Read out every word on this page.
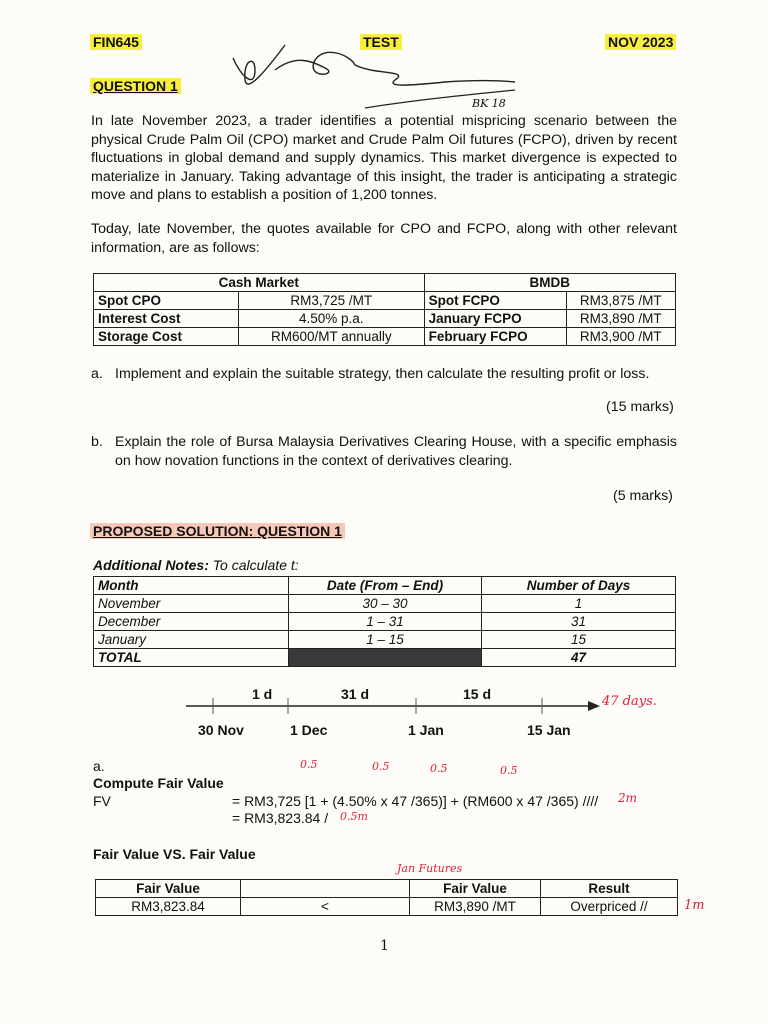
FIN645	TEST	NOV 2023
BK 18
QUESTION 1

In late November 2023, a trader identifies a potential mispricing scenario between the physical Crude Palm Oil (CPO) market and Crude Palm Oil futures (FCPO), driven by recent fluctuations in global demand and supply dynamics. This market divergence is expected to materialize in January. Taking advantage of this insight, the trader is anticipating a strategic move and plans to establish a position of 1,200 tonnes.

Today, late November, the quotes available for CPO and FCPO, along with other relevant information, are as follows:

Cash Market		BMDB	
Spot CPO	RM3,725 /MT	Spot FCPO	RM3,875 /MT
Interest Cost	4.50% p.a.	January FCPO	RM3,890 /MT
Storage Cost	RM600/MT annually	February FCPO	RM3,900 /MT
a. Implement and explain the suitable strategy, then calculate the resulting profit or loss.

(15 marks)
b. Explain the role of Bursa Malaysia Derivatives Clearing House, with a specific emphasis on how novation functions in the context of derivatives clearing.

(5 marks)
PROPOSED SOLUTION: QUESTION 1
Additional Notes: To calculate t:
Month	Date (From – End)	Number of Days
November	30 – 30	1
December	1 – 31	31
January	1 – 15	15
TOTAL		47
1 d	31 d	15 d	47 days.
30 Nov	1 Dec	1 Jan	15 Jan
a.
Compute Fair Value
FV
0.5	0.5	0.5	0.5
= RM3,725 [1 + (4.50% x 47 /365)] + (RM600 x 47 /365) //// 2m
= RM3,823.84 / 0.5m
Fair Value VS. Fair Value
Jan Futures
Fair Value		Fair Value	Result
RM3,823.84	<	RM3,890 /MT	Overpriced //	1m
1
